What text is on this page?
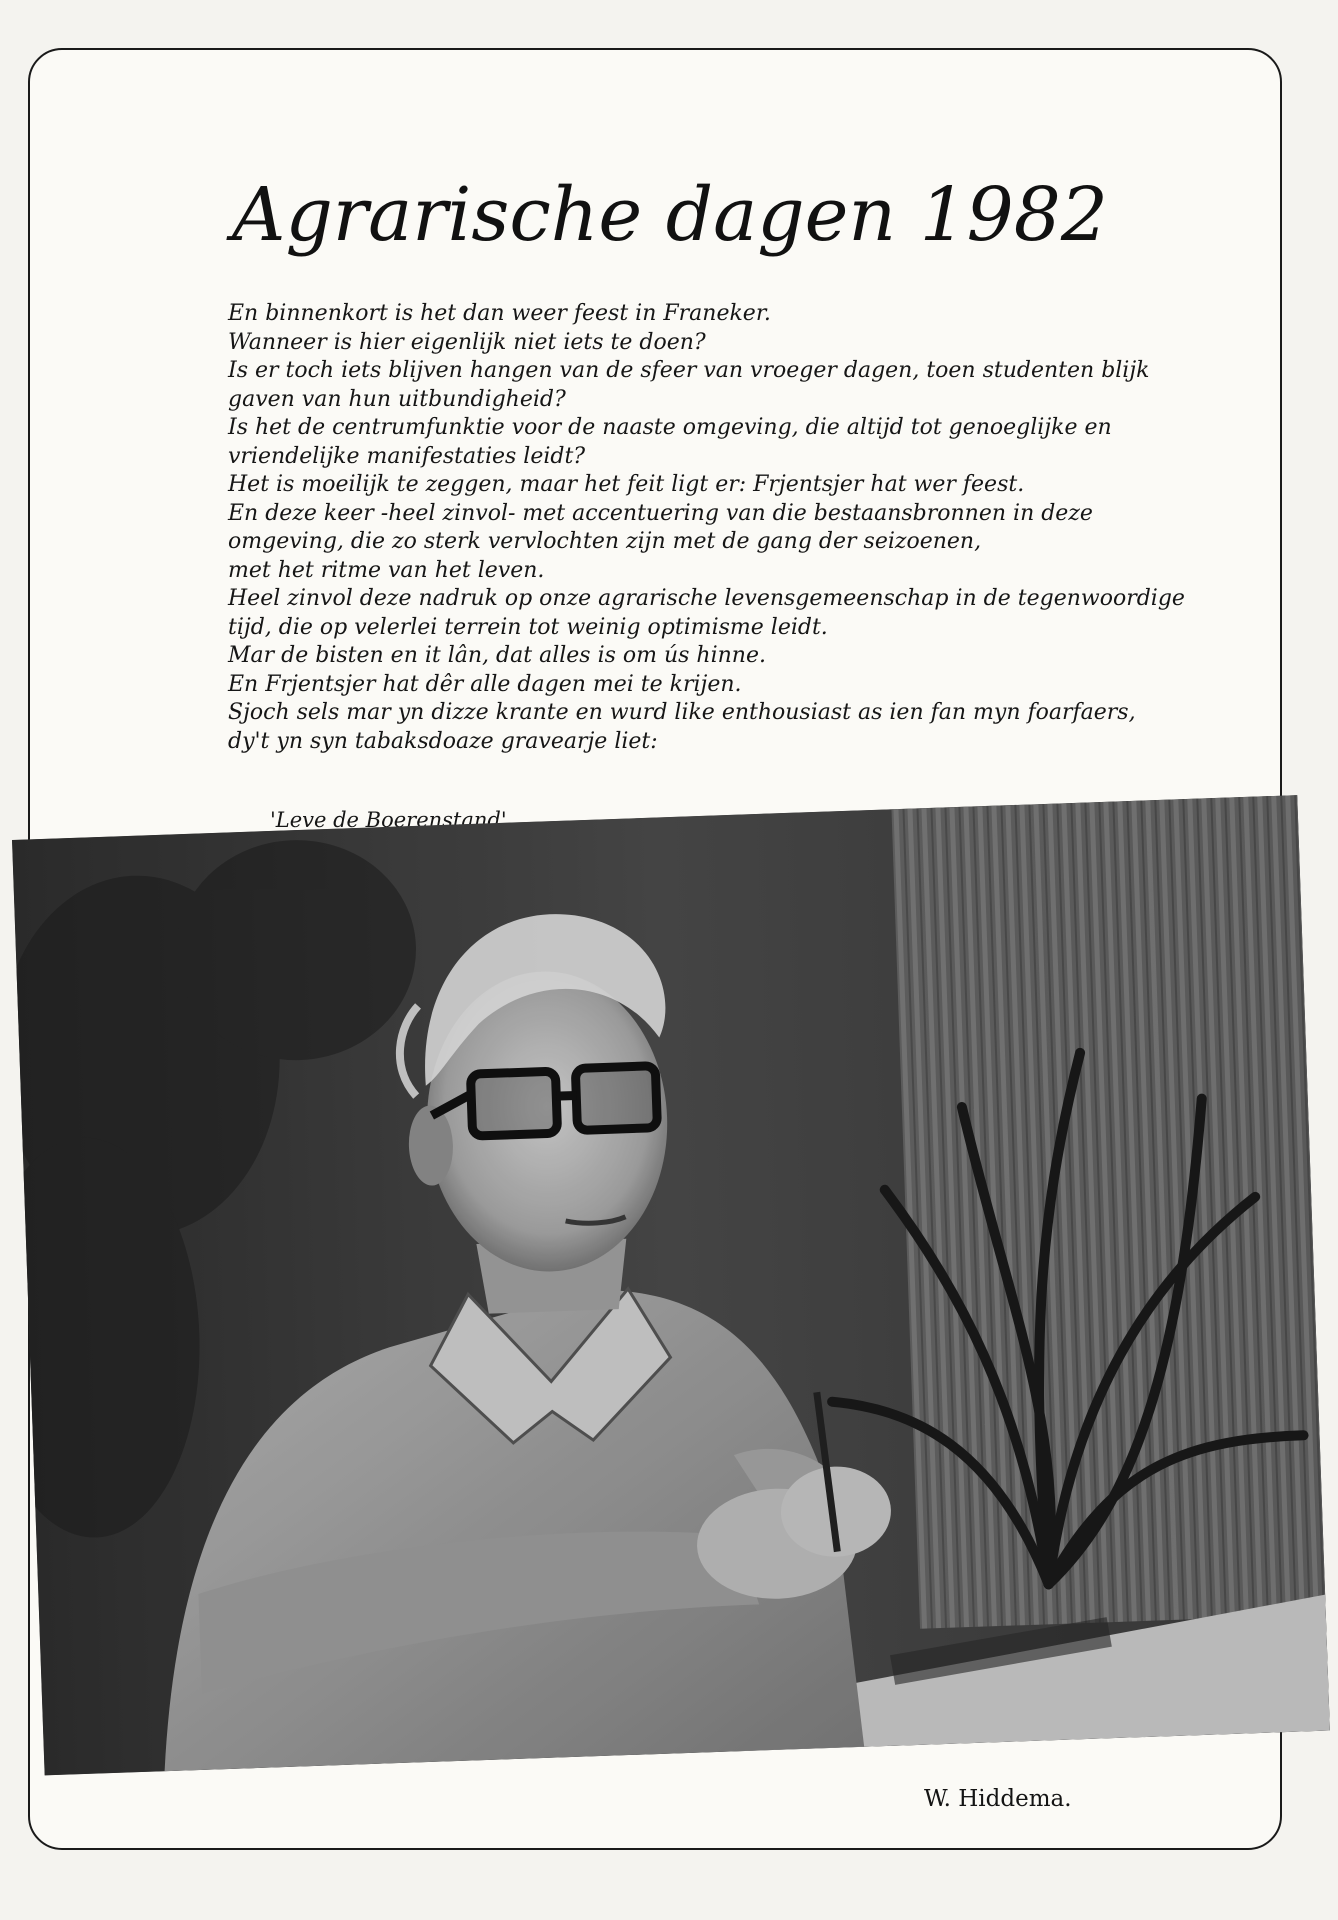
Agrarische dagen 1982
En binnenkort is het dan weer feest in Franeker.
Wanneer is hier eigenlijk niet iets te doen?
Is er toch iets blijven hangen van de sfeer van vroeger dagen, toen studenten blijk
gaven van hun uitbundigheid?
Is het de centrumfunktie voor de naaste omgeving, die altijd tot genoeglijke en
vriendelijke manifestaties leidt?
Het is moeilijk te zeggen, maar het feit ligt er: Frjentsjer hat wer feest.
En deze keer -heel zinvol- met accentuering van die bestaansbronnen in deze
omgeving, die zo sterk vervlochten zijn met de gang der seizoenen,
met het ritme van het leven.
Heel zinvol deze nadruk op onze agrarische levensgemeenschap in de tegenwoordige
tijd, die op velerlei terrein tot weinig optimisme leidt.
Mar de bisten en it lân, dat alles is om ús hinne.
En Frjentsjer hat dêr alle dagen mei te krijen.
Sjoch sels mar yn dizze krante en wurd like enthousiast as ien fan myn foarfaers,
dy't yn syn tabaksdoaze gravearje liet:
'Leve de Boerenstand'
W. Hiddema.
